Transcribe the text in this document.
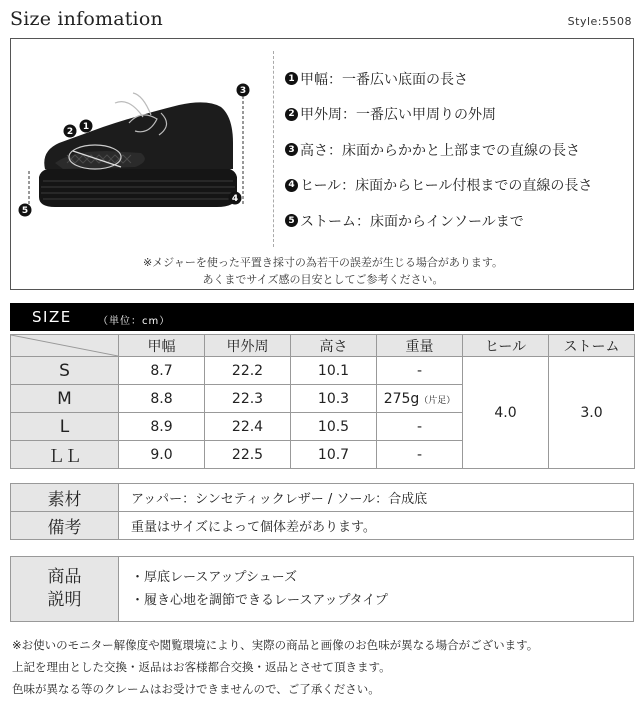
Size infomation	Style:5508
1
2
3
4
5
1 甲幅：一番広い底面の長さ
2 甲外周：一番広い甲周りの外周
3 高さ：床面からかかと上部までの直線の長さ
4 ヒール：床面からヒール付根までの直線の長さ
5 ストーム：床面からインソールまで
※メジャーを使った平置き採寸の為若干の誤差が生じる場合があります。
あくまでサイズ感の目安としてご参考ください。
SIZE	（単位：cm）
	甲幅	甲外周	高さ	重量	ヒール	ストーム
S	8.7	22.2	10.1	-	4.0	3.0
M	8.8	22.3	10.3	275g（片足）		
L	8.9	22.4	10.5	-		
ＬＬ	9.0	22.5	10.7	-		
素材	アッパー：シンセティックレザー / ソール：合成底
備考	重量はサイズによって個体差があります。
商品
説明
・厚底レースアップシューズ
・履き心地を調節できるレースアップタイプ
※お使いのモニター解像度や閲覧環境により、実際の商品と画像のお色味が異なる場合がございます。
上記を理由とした交換・返品はお客様都合交換・返品とさせて頂きます。
色味が異なる等のクレームはお受けできませんので、ご了承ください。
